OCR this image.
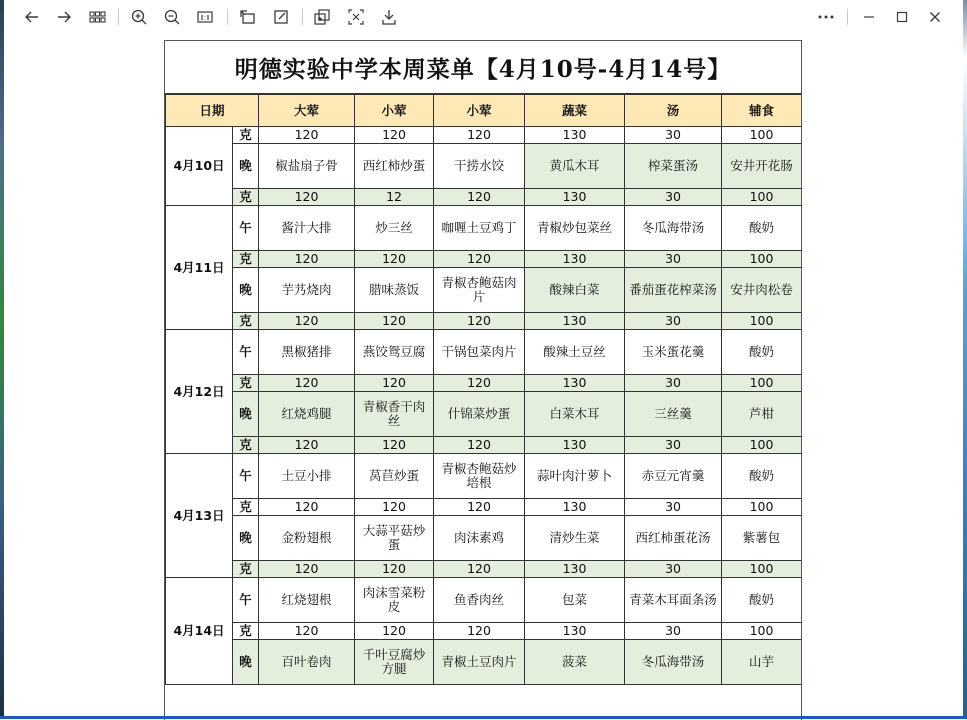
明德实验中学本周菜单【4月10号-4月14号】
日期		大荤	小荤	小荤	蔬菜	汤	辅食
4月10日	克	120	120	120	130	30	100
	晚	椒盐扇子骨	西红柿炒蛋	干捞水饺	黄瓜木耳	榨菜蛋汤	安井开花肠
	克	120	12	120	130	30	100
4月11日	午	酱汁大排	炒三丝	咖喱土豆鸡丁	青椒炒包菜丝	冬瓜海带汤	酸奶
	克	120	120	120	130	30	100
	晚	芋艿烧肉	腊味蒸饭	青椒杏鲍菇肉片	酸辣白菜	番茄蛋花榨菜汤	安井肉松卷
	克	120	120	120	130	30	100
4月12日	午	黑椒猪排	燕饺鸳豆腐	干锅包菜肉片	酸辣土豆丝	玉米蛋花羹	酸奶
	克	120	120	120	130	30	100
	晚	红烧鸡腿	青椒香干肉丝	什锦菜炒蛋	白菜木耳	三丝羹	芦柑
	克	120	120	120	130	30	100
4月13日	午	土豆小排	莴苣炒蛋	青椒杏鲍菇炒培根	蒜叶肉汁萝卜	赤豆元宵羹	酸奶
	克	120	120	120	130	30	100
	晚	金粉翅根	大蒜平菇炒蛋	肉沫素鸡	清炒生菜	西红柿蛋花汤	紫薯包
	克	120	120	120	130	30	100
4月14日	午	红烧翅根	肉沫雪菜粉皮	鱼香肉丝	包菜	青菜木耳面条汤	酸奶
	克	120	120	120	130	30	100
	晚	百叶卷肉	千叶豆腐炒方腿	青椒土豆肉片	菠菜	冬瓜海带汤	山芋
